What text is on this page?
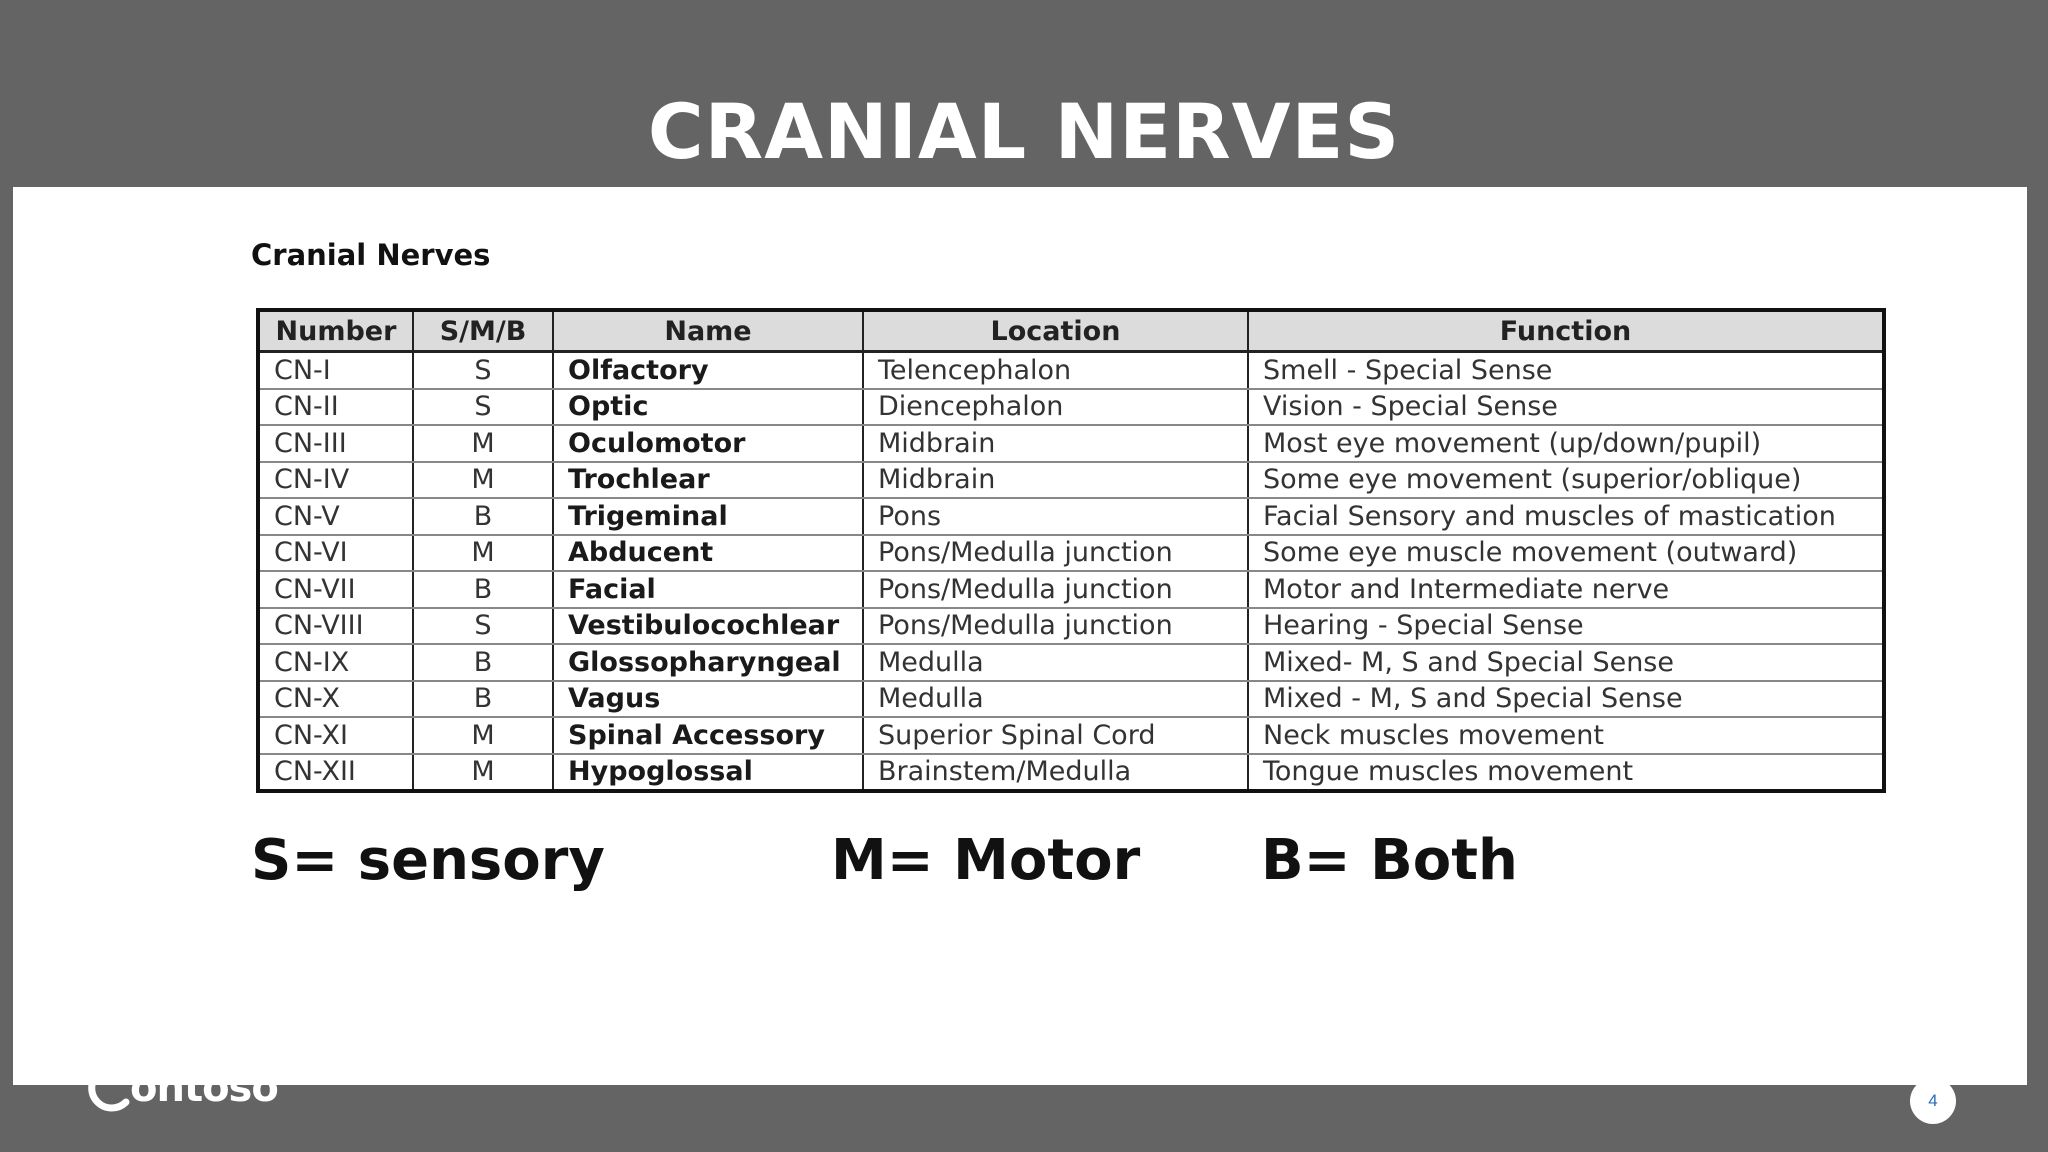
CRANIAL NERVES
Cranial Nerves
Number	S/M/B	Name	Location	Function
CN-I	S	Olfactory	Telencephalon	Smell - Special Sense
CN-II	S	Optic	Diencephalon	Vision - Special Sense
CN-III	M	Oculomotor	Midbrain	Most eye movement (up/down/pupil)
CN-IV	M	Trochlear	Midbrain	Some eye movement (superior/oblique)
CN-V	B	Trigeminal	Pons	Facial Sensory and muscles of mastication
CN-VI	M	Abducent	Pons/Medulla junction	Some eye muscle movement (outward)
CN-VII	B	Facial	Pons/Medulla junction	Motor and Intermediate nerve
CN-VIII	S	Vestibulocochlear	Pons/Medulla junction	Hearing - Special Sense
CN-IX	B	Glossopharyngeal	Medulla	Mixed- M, S and Special Sense
CN-X	B	Vagus	Medulla	Mixed - M, S and Special Sense
CN-XI	M	Spinal Accessory	Superior Spinal Cord	Neck muscles movement
CN-XII	M	Hypoglossal	Brainstem/Medulla	Tongue muscles movement

S= sensory	M= Motor B= Both

ontoso	4
